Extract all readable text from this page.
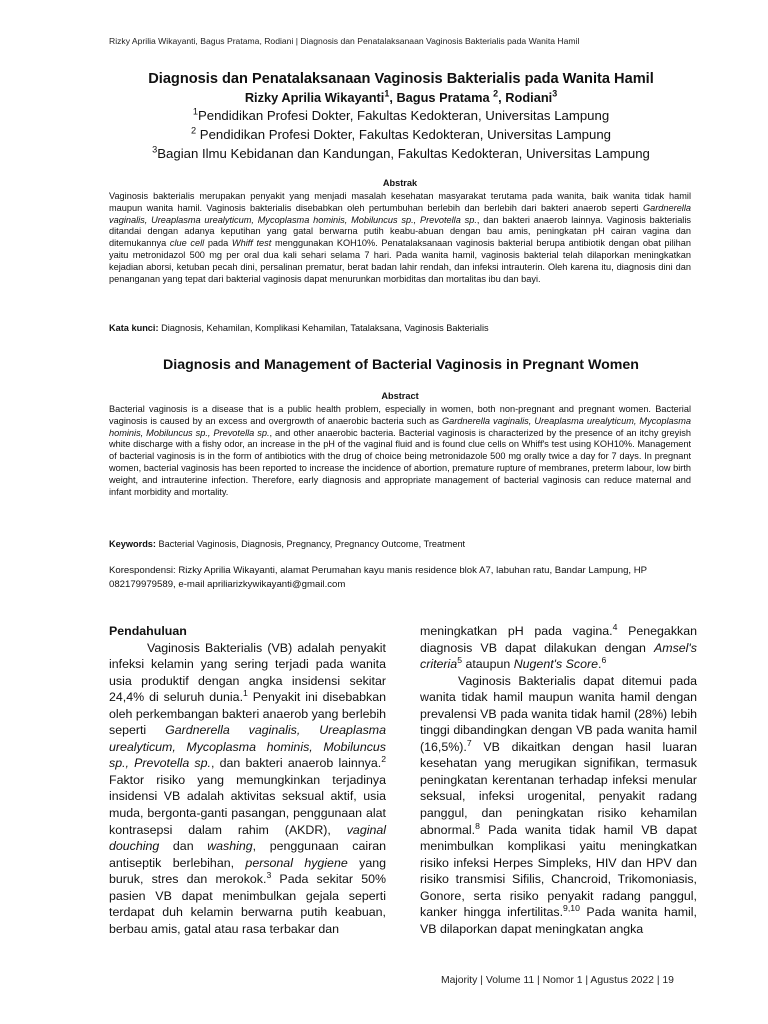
Rizky Aprilia Wikayanti, Bagus Pratama, Rodiani | Diagnosis dan Penatalaksanaan Vaginosis Bakterialis pada Wanita Hamil
Diagnosis dan Penatalaksanaan Vaginosis Bakterialis pada Wanita Hamil
Rizky Aprilia Wikayanti$^1$, Bagus Pratama $^2$, Rodiani$^3$
$^1$Pendidikan Profesi Dokter, Fakultas Kedokteran, Universitas Lampung
$^2$ Pendidikan Profesi Dokter, Fakultas Kedokteran, Universitas Lampung
$^3$Bagian Ilmu Kebidanan dan Kandungan, Fakultas Kedokteran, Universitas Lampung
Abstrak

Vaginosis bakterialis merupakan penyakit yang menjadi masalah kesehatan masyarakat terutama pada wanita, baik wanita tidak hamil maupun wanita hamil. Vaginosis bakterialis disebabkan oleh pertumbuhan berlebih dan berlebih dari bakteri anaerob seperti Gardnerella vaginalis, Ureaplasma urealyticum, Mycoplasma hominis, Mobiluncus sp., Prevotella sp., dan bakteri anaerob lainnya. Vaginosis bakterialis ditandai dengan adanya keputihan yang gatal berwarna putih keabu-abuan dengan bau amis, peningkatan pH cairan vagina dan ditemukannya clue cell pada Whiff test menggunakan KOH10%. Penatalaksanaan vaginosis bakterial berupa antibiotik dengan obat pilihan yaitu metronidazol 500 mg per oral dua kali sehari selama 7 hari. Pada wanita hamil, vaginosis bakterial telah dilaporkan meningkatkan kejadian aborsi, ketuban pecah dini, persalinan prematur, berat badan lahir rendah, dan infeksi intrauterin. Oleh karena itu, diagnosis dini dan penanganan yang tepat dari bakterial vaginosis dapat menurunkan morbiditas dan mortalitas ibu dan bayi.

Kata kunci: Diagnosis, Kehamilan, Komplikasi Kehamilan, Tatalaksana, Vaginosis Bakterialis
Diagnosis and Management of Bacterial Vaginosis in Pregnant Women
Abstract

Bacterial vaginosis is a disease that is a public health problem, especially in women, both non-pregnant and pregnant women. Bacterial vaginosis is caused by an excess and overgrowth of anaerobic bacteria such as Gardnerella vaginalis, Ureaplasma urealyticum, Mycoplasma hominis, Mobiluncus sp., Prevotella sp., and other anaerobic bacteria. Bacterial vaginosis is characterized by the presence of an itchy greyish white discharge with a fishy odor, an increase in the pH of the vaginal fluid and is found clue cells on Whiff's test using KOH10%. Management of bacterial vaginosis is in the form of antibiotics with the drug of choice being metronidazole 500 mg orally twice a day for 7 days. In pregnant women, bacterial vaginosis has been reported to increase the incidence of abortion, premature rupture of membranes, preterm labour, low birth weight, and intrauterine infection. Therefore, early diagnosis and appropriate management of bacterial vaginosis can reduce maternal and infant morbidity and mortality.

Keywords: Bacterial Vaginosis, Diagnosis, Pregnancy, Pregnancy Outcome, Treatment
Korespondensi: Rizky Aprilia Wikayanti, alamat Perumahan kayu manis residence blok A7, labuhan ratu, Bandar Lampung, HP 082179979589, e-mail apriliarizkywikayanti@gmail.com

Pendahuluan

Vaginosis Bakterialis (VB) adalah penyakit infeksi kelamin yang sering terjadi pada wanita usia produktif dengan angka insidensi sekitar 24,4% di seluruh dunia.$^1$ Penyakit ini disebabkan oleh perkembangan bakteri anaerob yang berlebih seperti Gardnerella vaginalis, Ureaplasma urealyticum, Mycoplasma hominis, Mobiluncus sp., Prevotella sp., dan bakteri anaerob lainnya.$^2$ Faktor risiko yang memungkinkan terjadinya insidensi VB adalah aktivitas seksual aktif, usia muda, bergonta-ganti pasangan, penggunaan alat kontrasepsi dalam rahim (AKDR), vaginal douching dan washing, penggunaan cairan antiseptik berlebihan, personal hygiene yang buruk, stres dan merokok.$^3$ Pada sekitar 50% pasien VB dapat menimbulkan gejala seperti terdapat duh kelamin berwarna putih keabuan, berbau amis, gatal atau rasa terbakar dan

meningkatkan pH pada vagina.$^4$ Penegakkan diagnosis VB dapat dilakukan dengan Amsel's criteria$^5$ ataupun Nugent's Score.$^6$

Vaginosis Bakterialis dapat ditemui pada wanita tidak hamil maupun wanita hamil dengan prevalensi VB pada wanita tidak hamil (28%) lebih tinggi dibandingkan dengan VB pada wanita hamil (16,5%).$^7$ VB dikaitkan dengan hasil luaran kesehatan yang merugikan signifikan, termasuk peningkatan kerentanan terhadap infeksi menular seksual, infeksi urogenital, penyakit radang panggul, dan peningkatan risiko kehamilan abnormal.$^8$ Pada wanita tidak hamil VB dapat menimbulkan komplikasi yaitu meningkatkan risiko infeksi Herpes Simpleks, HIV dan HPV dan risiko transmisi Sifilis, Chancroid, Trikomoniasis, Gonore, serta risiko penyakit radang panggul, kanker hingga infertilitas.$^{9,10}$ Pada wanita hamil, VB dilaporkan dapat meningkatan angka

Majority | Volume 11 | Nomor 1 | Agustus 2022 | 19
